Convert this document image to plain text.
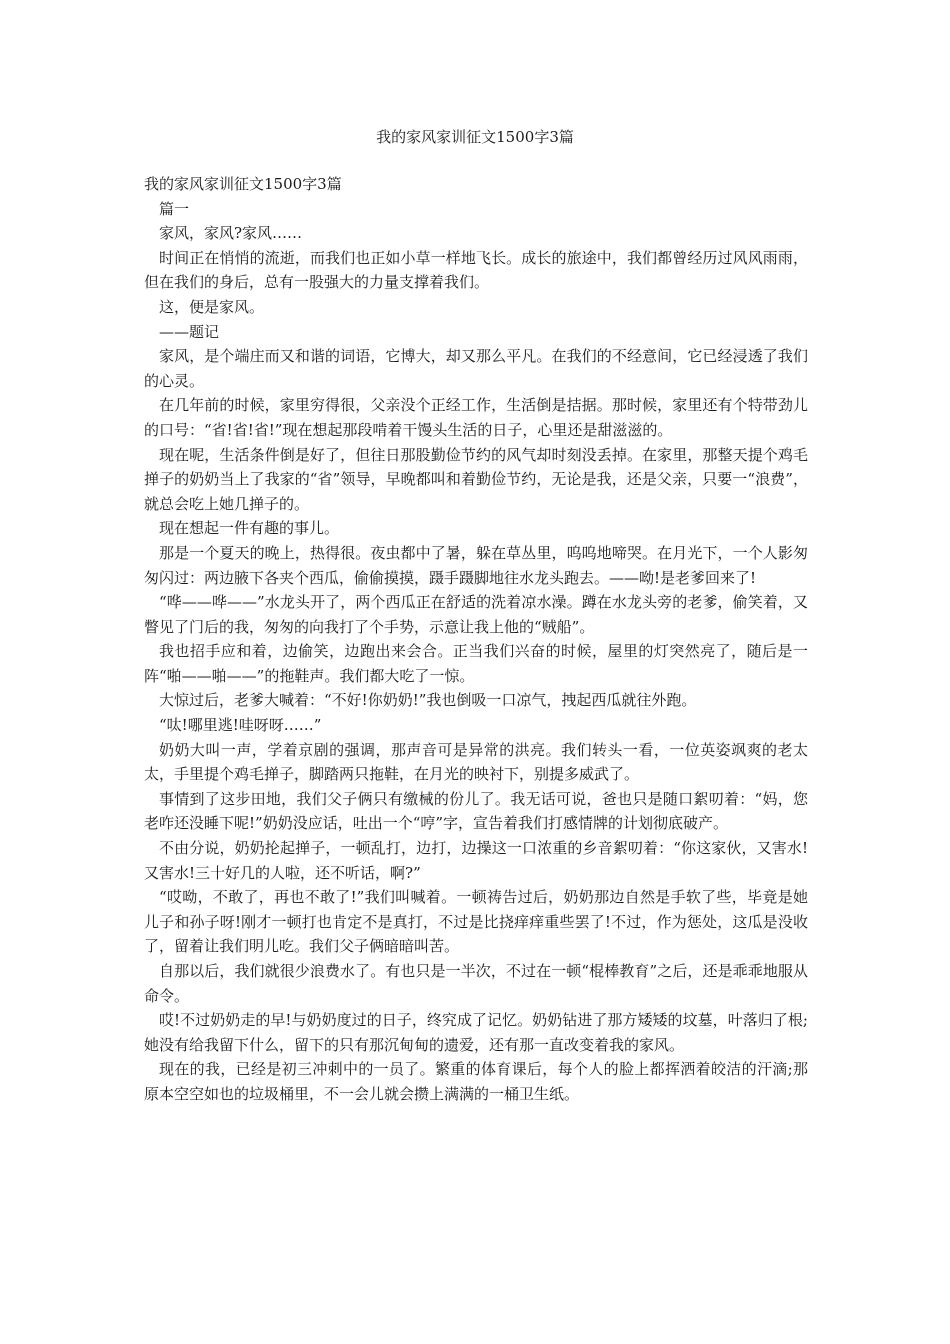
我的家风家训征文1500字3篇

我的家风家训征文1500字3篇

篇一

家风，家风?家风……

时间正在悄悄的流逝，而我们也正如小草一样地飞长。成长的旅途中，我们都曾经历过风风雨雨，但在我们的身后，总有一股强大的力量支撑着我们。

这，便是家风。

——题记

家风，是个端庄而又和谐的词语，它博大，却又那么平凡。在我们的不经意间，它已经浸透了我们的心灵。

在几年前的时候，家里穷得很，父亲没个正经工作，生活倒是拮据。那时候，家里还有个特带劲儿的口号：“省!省!省!”现在想起那段啃着干馒头生活的日子，心里还是甜滋滋的。

现在呢，生活条件倒是好了，但往日那股勤俭节约的风气却时刻没丢掉。在家里，那整天提个鸡毛掸子的奶奶当上了我家的“省”领导，早晚都叫和着勤俭节约，无论是我，还是父亲，只要一“浪费”，就总会吃上她几掸子的。

现在想起一件有趣的事儿。

那是一个夏天的晚上，热得很。夜虫都中了暑，躲在草丛里，呜呜地啼哭。在月光下，一个人影匆匆闪过：两边腋下各夹个西瓜，偷偷摸摸，蹑手蹑脚地往水龙头跑去。——呦!是老爹回来了!

“哗——哗——”水龙头开了，两个西瓜正在舒适的洗着凉水澡。蹲在水龙头旁的老爹，偷笑着，又瞥见了门后的我，匆匆的向我打了个手势，示意让我上他的“贼船”。

我也招手应和着，边偷笑，边跑出来会合。正当我们兴奋的时候，屋里的灯突然亮了，随后是一阵“啪——啪——”的拖鞋声。我们都大吃了一惊。

大惊过后，老爹大喊着：“不好!你奶奶!”我也倒吸一口凉气，拽起西瓜就往外跑。

“呔!哪里逃!哇呀呀……”

奶奶大叫一声，学着京剧的强调，那声音可是异常的洪亮。我们转头一看，一位英姿飒爽的老太太，手里提个鸡毛掸子，脚踏两只拖鞋，在月光的映衬下，别提多威武了。

事情到了这步田地，我们父子俩只有缴械的份儿了。我无话可说，爸也只是随口絮叨着：“妈，您老咋还没睡下呢!”奶奶没应话，吐出一个“哼”字，宣告着我们打感情牌的计划彻底破产。

不由分说，奶奶抡起掸子，一顿乱打，边打，边操这一口浓重的乡音絮叨着：“你这家伙，又害水!又害水!三十好几的人啦，还不听话，啊?”

“哎呦，不敢了，再也不敢了!”我们叫喊着。一顿祷告过后，奶奶那边自然是手软了些，毕竟是她儿子和孙子呀!刚才一顿打也肯定不是真打，不过是比挠痒痒重些罢了!不过，作为惩处，这瓜是没收了，留着让我们明儿吃。我们父子俩暗暗叫苦。

自那以后，我们就很少浪费水了。有也只是一半次，不过在一顿“棍棒教育”之后，还是乖乖地服从命令。

哎!不过奶奶走的早!与奶奶度过的日子，终究成了记忆。奶奶钻进了那方矮矮的坟墓，叶落归了根;她没有给我留下什么，留下的只有那沉甸甸的遗爱，还有那一直改变着我的家风。

现在的我，已经是初三冲刺中的一员了。繁重的体育课后，每个人的脸上都挥洒着皎洁的汗滴;那原本空空如也的垃圾桶里，不一会儿就会攒上满满的一桶卫生纸。
